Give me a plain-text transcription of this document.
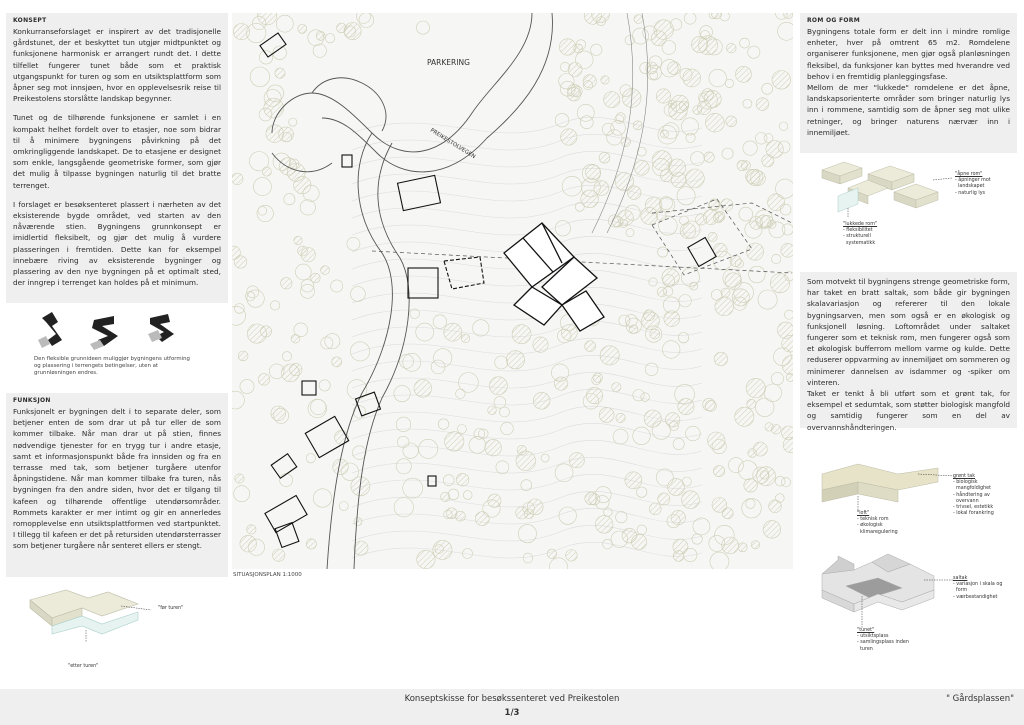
KONSEPT

Konkurranseforslaget er inspirert av det tradisjonelle gårdstunet, der et beskyttet tun utgjør midtpunktet og funksjonene harmonisk er arrangert rundt det. I dette tilfellet fungerer tunet både som et praktisk utgangspunkt for turen og som en utsiktsplattform som åpner seg mot innsjøen, hvor en opplevelsesrik reise til Preikestolens storslåtte landskap begynner.

Tunet og de tilhørende funksjonene er samlet i en kompakt helhet fordelt over to etasjer, noe som bidrar til å minimere bygningens påvirkning på det omkringliggende landskapet. De to etasjene er designet som enkle, langsgående geometriske former, som gjør det mulig å tilpasse bygningen naturlig til det bratte terrenget.

I forslaget er besøksenteret plassert i nærheten av det eksisterende bygde området, ved starten av den nåværende stien. Bygningens grunnkonsept er imidlertid fleksibelt, og gjør det mulig å vurdere plasseringen i fremtiden. Dette kan for eksempel innebære riving av eksisterende bygninger og plassering av den nye bygningen på et optimalt sted, der inngrep i terrenget kan holdes på et minimum.

Den fleksible grunnideen muliggjør bygningens utforming og plassering i terrengets betingelser, uten at grunnløsningen endres.
FUNKSJON

Funksjonelt er bygningen delt i to separate deler, som betjener enten de som drar ut på tur eller de som kommer tilbake. Når man drar ut på stien, finnes nødvendige tjenester for en trygg tur i andre etasje, samt et informasjonspunkt både fra innsiden og fra en terrasse med tak, som betjener turgåere utenfor åpningstidene. Når man kommer tilbake fra turen, nås bygningen fra den andre siden, hvor det er tilgang til kafeen og tilhørende offentlige utendørsområder. Rommets karakter er mer intimt og gir en annerledes romopplevelse enn utsiktsplattformen ved startpunktet. I tillegg til kafeen er det på retursiden utendørsterrasser som betjener turgåere når senteret ellers er stengt.

"før turen"
"etter turen"
PARKERING
PREIKESTOLVEGEN
SITUASJONSPLAN 1:1000
ROM OG FORM

Bygningens totale form er delt inn i mindre romlige enheter, hver på omtrent 65 m2. Romdelene organiserer funksjonene, men gjør også planløsningen fleksibel, da funksjoner kan byttes med hverandre ved behov i en fremtidig planleggingsfase.

Mellom de mer "lukkede" romdelene er det åpne, landskapsorienterte områder som bringer naturlig lys inn i rommene, samtidig som de åpner seg mot ulike retninger, og bringer naturens nærvær inn i innemiljøet.

"åpne rom"
- åpninger mot
landskapet
- naturlig lys
"lukkede rom"
- fleksibilitet
- strukturell
systematikk

Som motvekt til bygningens strenge geometriske form, har taket en bratt saltak, som både gir bygningen skalavariasjon og refererer til den lokale bygningsarven, men som også er en økologisk og funksjonell løsning. Loftområdet under saltaket fungerer som et teknisk rom, men fungerer også som et økologisk bufferrom mellom varme og kulde. Dette reduserer oppvarming av innemiljøet om sommeren og minimerer dannelsen av isdammer og -spiker om vinteren.

Taket er tenkt å bli utført som et grønt tak, for eksempel et sedumtak, som støtter biologisk mangfold og samtidig fungerer som en del av overvannshåndteringen.

grønt tak
- biologisk
mangfoldighet
- håndtering av
overvann
- trivsel, estetikk
- lokal forankring
"loft"
- teknisk rom
- økologisk
klimaregulering
saltak
- variasjon i skala og
form
- værbestandighet
"tunet"
- utsiktsplass
- samlingsplass inden
turen
Konseptskisse for besøkssenteret ved Preikestolen
1/3
" Gårdsplassen"
